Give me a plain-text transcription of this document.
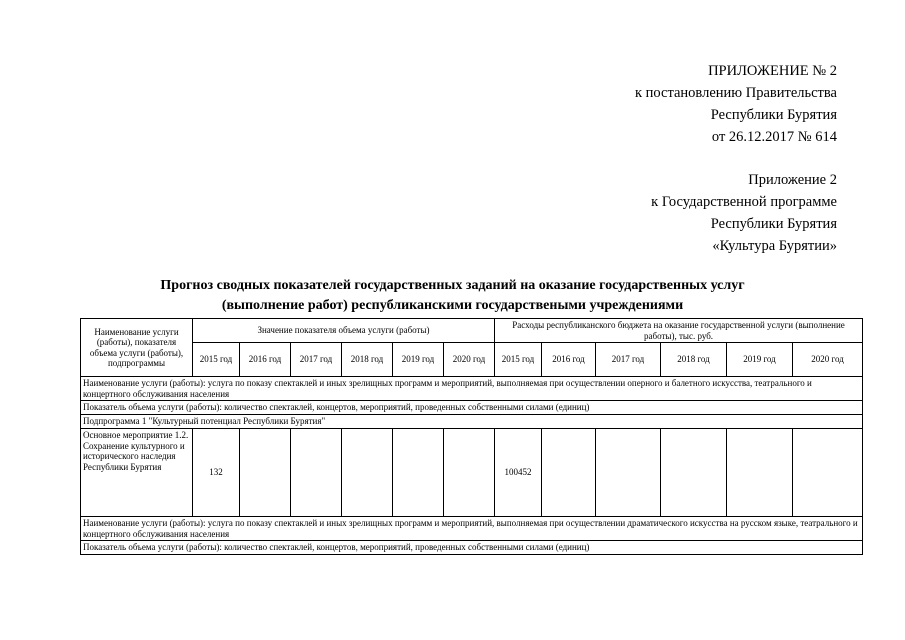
ПРИЛОЖЕНИЕ № 2
к постановлению Правительства
Республики Бурятия
от 26.12.2017 № 614
Приложение 2
к Государственной программе
Республики Бурятия
«Культура Бурятии»
Прогноз сводных показателей государственных заданий на оказание государственных услуг
(выполнение работ) республиканскими государствеными учреждениями
Наименование услуги (работы), показателя объема услуги (работы), подпрограммы	Значение показателя объема услуги (работы)						Расходы республиканского бюджета на оказание государственной услуги (выполнение работы), тыс. руб.					
	2015 год	2016 год	2017 год	2018 год	2019 год	2020 год	2015 год	2016 год	2017 год	2018 год	2019 год	2020 год
Наименование услуги (работы): услуга по показу спектаклей и иных зрелищных программ и мероприятий, выполняемая при осуществлении оперного и балетного искусства, театрального и концертного обслуживания населения												
Показатель объема услуги (работы): количество спектаклей, концертов, мероприятий, проведенных собственными силами (единиц)												
Подпрограмма 1 "Культурный потенциал Республики Бурятия"												
Основное мероприятие 1.2. Сохранение культурного и исторического наследия Республики Бурятия	132						100452					
Наименование услуги (работы): услуга по показу спектаклей и иных зрелищных программ и мероприятий, выполняемая при осуществлении драматического искусства на русском языке, театрального и концертного обслуживания населения												
Показатель объема услуги (работы): количество спектаклей, концертов, мероприятий, проведенных собственными силами (единиц)												
